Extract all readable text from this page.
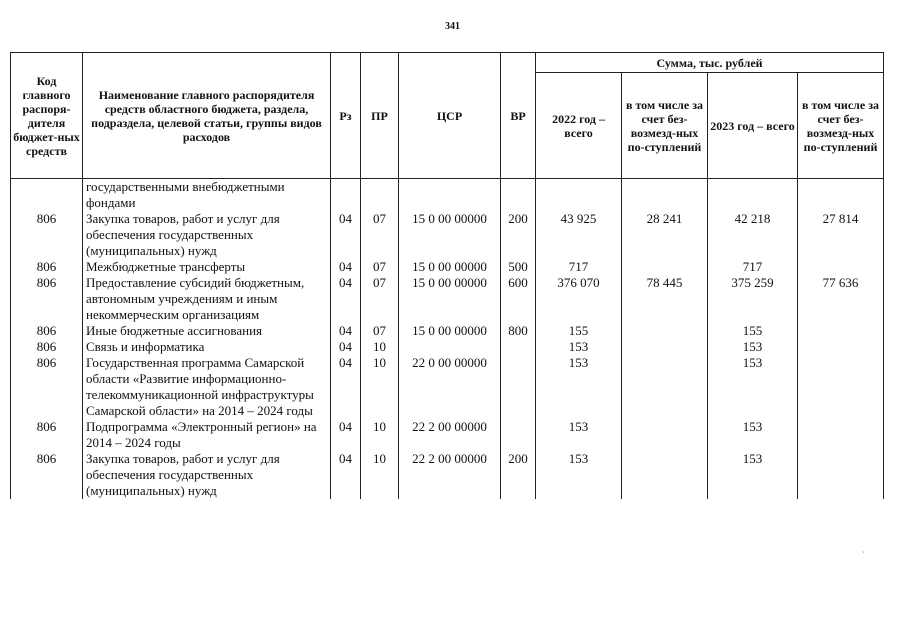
341
Код главного распоря-дителя бюджет-ных средств	Наименование главного распорядителя средств областного бюджета, раздела, подраздела, целевой статьи, группы видов расходов	Рз	ПР	ЦСР	ВР	Сумма, тыс. рублей			
						2022 год – всего	в том числе за счет без-возмезд-ных по-ступлений	2023 год – всего	в том числе за счет без-возмезд-ных по-ступлений
	государственными внебюджетными фондами								
806	Закупка товаров, работ и услуг для обеспечения государственных (муниципальных) нужд	04	07	15 0 00 00000	200	43 925	28 241	42 218	27 814
806	Межбюджетные трансферты	04	07	15 0 00 00000	500	717		717	
806	Предоставление субсидий бюджетным, автономным учреждениям и иным некоммерческим организациям	04	07	15 0 00 00000	600	376 070	78 445	375 259	77 636
806	Иные бюджетные ассигнования	04	07	15 0 00 00000	800	155		155	
806	Связь и информатика	04	10			153		153	
806	Государственная программа Самарской области «Развитие информационно-телекоммуникационной инфраструктуры Самарской области» на 2014 – 2024 годы	04	10	22 0 00 00000		153		153	
806	Подпрограмма «Электронный регион» на 2014 – 2024 годы	04	10	22 2 00 00000		153		153	
806	Закупка товаров, работ и услуг для обеспечения государственных (муниципальных) нужд	04	10	22 2 00 00000	200	153		153	
`
